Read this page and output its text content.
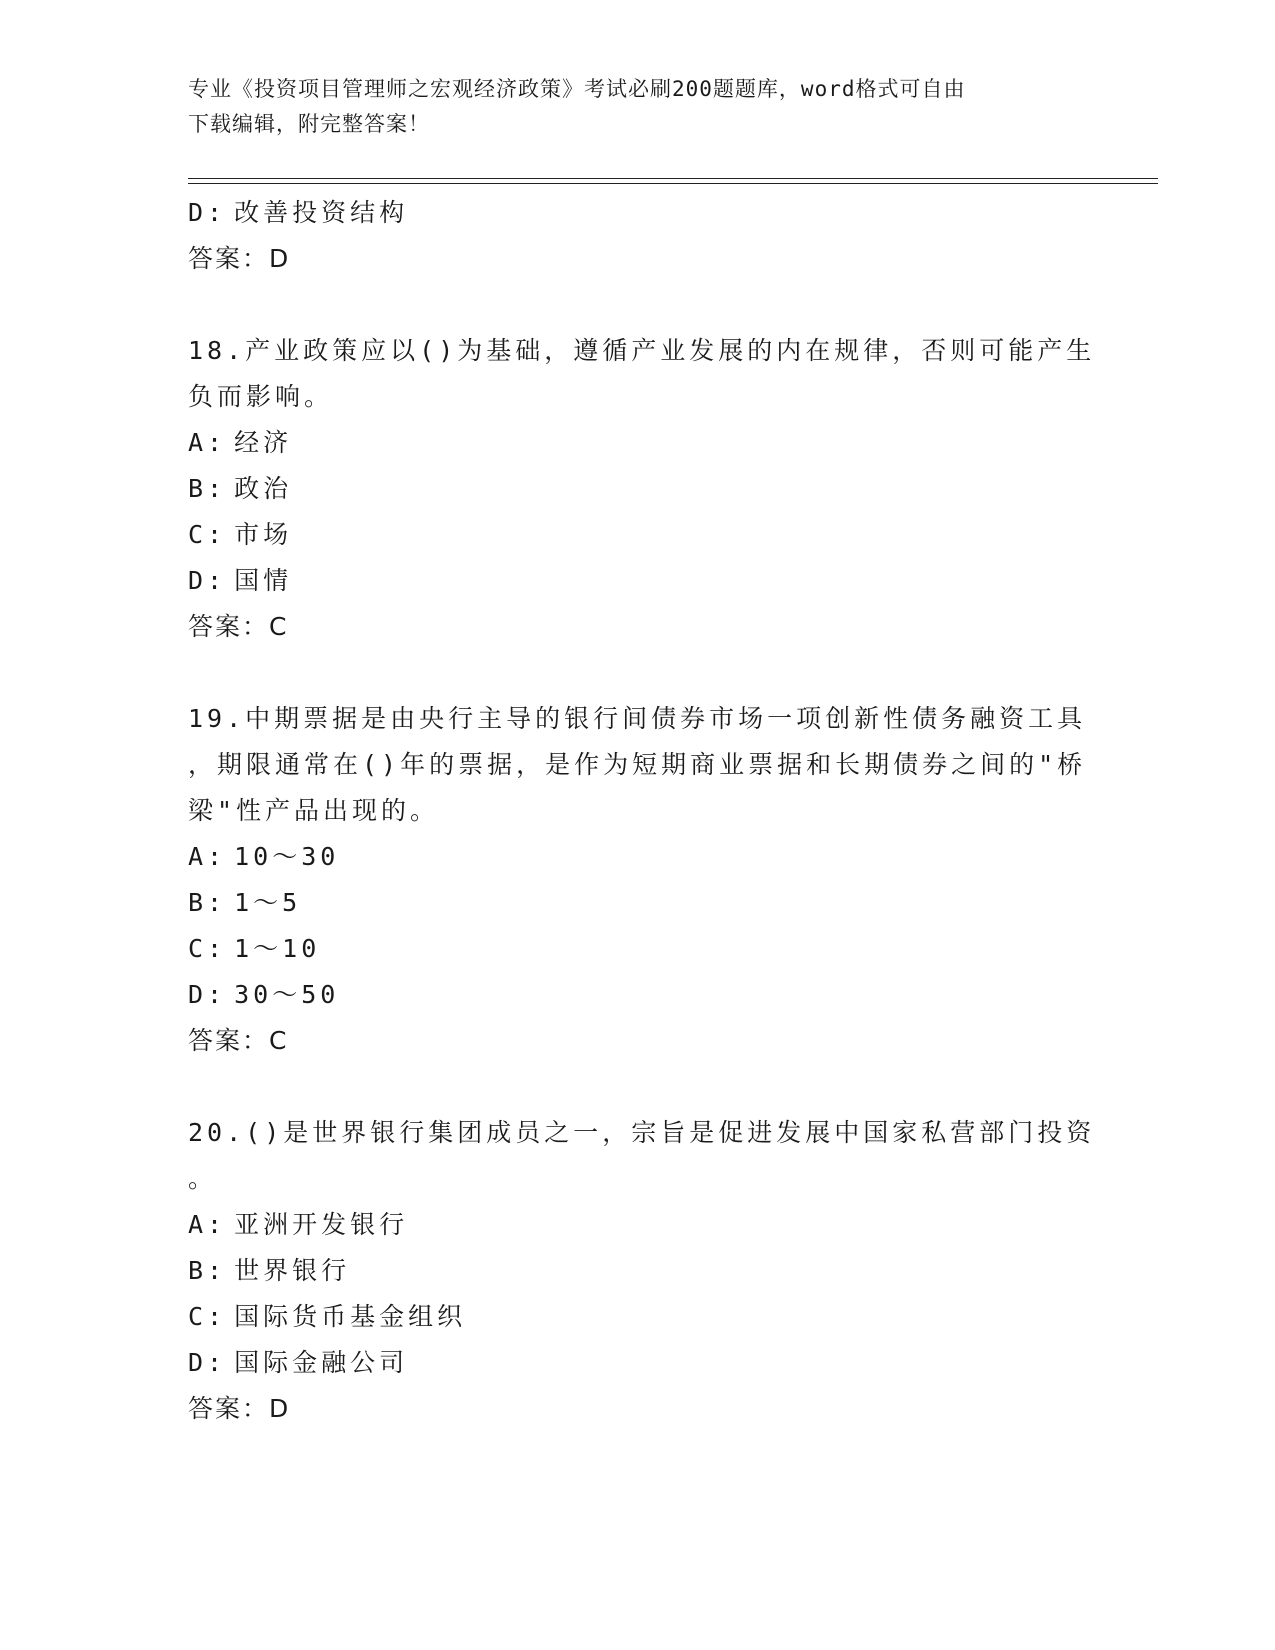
专业《投资项目管理师之宏观经济政策》考试必刷200题题库，word格式可自由
下载编辑，附完整答案！
D: 改善投资结构
答案：D
18.产业政策应以()为基础，遵循产业发展的内在规律，否则可能产生
负而影响。
A: 经济
B: 政治
C: 市场
D: 国情
答案：C
19.中期票据是由央行主导的银行间债券市场一项创新性债务融资工具
，期限通常在()年的票据，是作为短期商业票据和长期债券之间的"桥
梁"性产品出现的。
A: 10～30
B: 1～5
C: 1～10
D: 30～50
答案：C
20.()是世界银行集团成员之一，宗旨是促进发展中国家私营部门投资
。
A: 亚洲开发银行
B: 世界银行
C: 国际货币基金组织
D: 国际金融公司
答案：D
